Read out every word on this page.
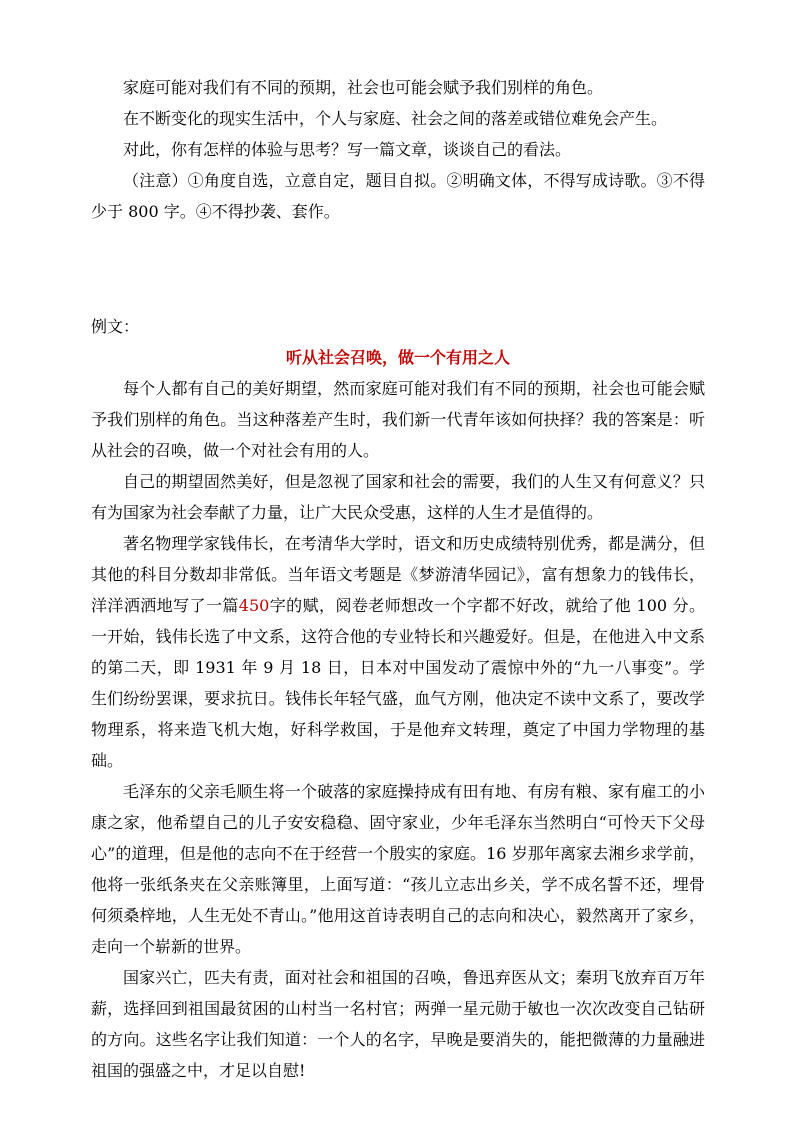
家庭可能对我们有不同的预期，社会也可能会赋予我们别样的角色。

在不断变化的现实生活中，个人与家庭、社会之间的落差或错位难免会产生。

对此，你有怎样的体验与思考？写一篇文章，谈谈自己的看法。

（注意）①角度自选，立意自定，题目自拟。②明确文体，不得写成诗歌。③不得少于 800 字。④不得抄袭、套作。

例文：

听从社会召唤，做一个有用之人

每个人都有自己的美好期望，然而家庭可能对我们有不同的预期，社会也可能会赋予我们别样的角色。当这种落差产生时，我们新一代青年该如何抉择？我的答案是：听从社会的召唤，做一个对社会有用的人。

自己的期望固然美好，但是忽视了国家和社会的需要，我们的人生又有何意义？只有为国家为社会奉献了力量，让广大民众受惠，这样的人生才是值得的。

著名物理学家钱伟长，在考清华大学时，语文和历史成绩特别优秀，都是满分，但其他的科目分数却非常低。当年语文考题是《梦游清华园记》，富有想象力的钱伟长，洋洋洒洒地写了一篇450字的赋，阅卷老师想改一个字都不好改，就给了他 100 分。一开始，钱伟长选了中文系，这符合他的专业特长和兴趣爱好。但是，在他进入中文系的第二天，即 1931 年 9 月 18 日，日本对中国发动了震惊中外的“九一八事变”。学生们纷纷罢课，要求抗日。钱伟长年轻气盛，血气方刚，他决定不读中文系了，要改学物理系，将来造飞机大炮，好科学救国，于是他弃文转理，奠定了中国力学物理的基础。

毛泽东的父亲毛顺生将一个破落的家庭操持成有田有地、有房有粮、家有雇工的小康之家，他希望自己的儿子安安稳稳、固守家业，少年毛泽东当然明白“可怜天下父母心”的道理，但是他的志向不在于经营一个殷实的家庭。16 岁那年离家去湘乡求学前，他将一张纸条夹在父亲账簿里，上面写道：“孩儿立志出乡关，学不成名誓不还，埋骨何须桑梓地，人生无处不青山。”他用这首诗表明自己的志向和决心，毅然离开了家乡，走向一个崭新的世界。

国家兴亡，匹夫有责，面对社会和祖国的召唤，鲁迅弃医从文；秦玥飞放弃百万年薪，选择回到祖国最贫困的山村当一名村官；两弹一星元勋于敏也一次次改变自己钻研的方向。这些名字让我们知道：一个人的名字，早晚是要消失的，能把微薄的力量融进祖国的强盛之中，才足以自慰!
